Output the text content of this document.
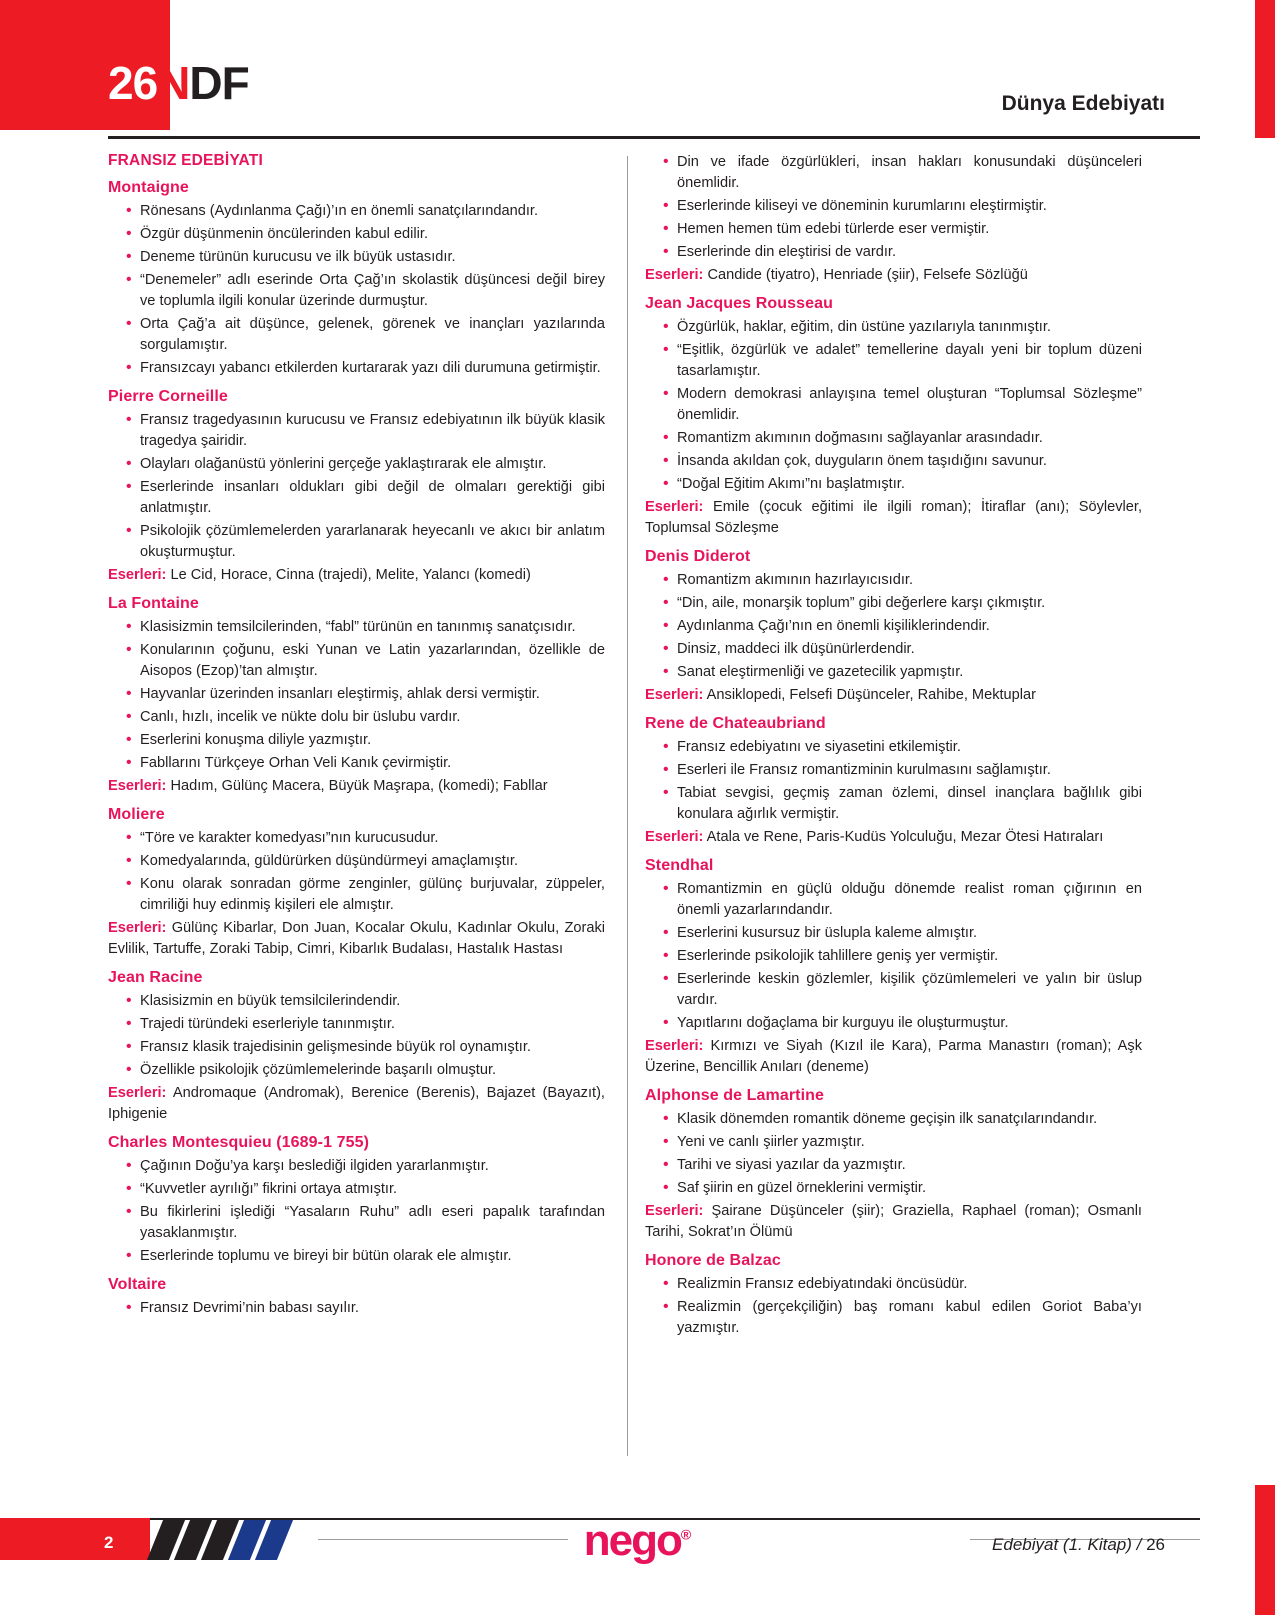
26NDF	Dünya Edebiyatı
FRANSIZ EDEBİYATI
Montaigne
• Rönesans (Aydınlanma Çağı)’ın en önemli sanatçılarındandır.
• Özgür düşünmenin öncülerinden kabul edilir.
• Deneme türünün kurucusu ve ilk büyük ustasıdır.
• “Denemeler” adlı eserinde Orta Çağ’ın skolastik düşüncesi değil birey ve toplumla ilgili konular üzerinde durmuştur.
• Orta Çağ’a ait düşünce, gelenek, görenek ve inançları yazılarında sorgulamıştır.
• Fransızcayı yabancı etkilerden kurtararak yazı dili durumuna getirmiştir.
Pierre Corneille
• Fransız tragedyasının kurucusu ve Fransız edebiyatının ilk büyük klasik tragedya şairidir.
• Olayları olağanüstü yönlerini gerçeğe yaklaştırarak ele almıştır.
• Eserlerinde insanları oldukları gibi değil de olmaları gerektiği gibi anlatmıştır.
• Psikolojik çözümlemelerden yararlanarak heyecanlı ve akıcı bir anlatım okuşturmuştur.

Eserleri: Le Cid, Horace, Cinna (trajedi), Melite, Yalancı (komedi)

La Fontaine
• Klasisizmin temsilcilerinden, “fabl” türünün en tanınmış sanatçısıdır.
• Konularının çoğunu, eski Yunan ve Latin yazarlarından, özellikle de Aisopos (Ezop)’tan almıştır.
• Hayvanlar üzerinden insanları eleştirmiş, ahlak dersi vermiştir.
• Canlı, hızlı, incelik ve nükte dolu bir üslubu vardır.
• Eserlerini konuşma diliyle yazmıştır.
• Fabllarını Türkçeye Orhan Veli Kanık çevirmiştir.

Eserleri: Hadım, Gülünç Macera, Büyük Maşrapa, (komedi); Fabllar

Moliere
• “Töre ve karakter komedyası”nın kurucusudur.
• Komedyalarında, güldürürken düşündürmeyi amaçlamıştır.
• Konu olarak sonradan görme zenginler, gülünç burjuvalar, züppeler, cimriliği huy edinmiş kişileri ele almıştır.

Eserleri: Gülünç Kibarlar, Don Juan, Kocalar Okulu, Kadınlar Okulu, Zoraki Evlilik, Tartuffe, Zoraki Tabip, Cimri, Kibarlık Budalası, Hastalık Hastası

Jean Racine
• Klasisizmin en büyük temsilcilerindendir.
• Trajedi türündeki eserleriyle tanınmıştır.
• Fransız klasik trajedisinin gelişmesinde büyük rol oynamıştır.
• Özellikle psikolojik çözümlemelerinde başarılı olmuştur.

Eserleri: Andromaque (Andromak), Berenice (Berenis), Bajazet (Bayazıt), Iphigenie

Charles Montesquieu (1689-1 755)
• Çağının Doğu’ya karşı beslediği ilgiden yararlanmıştır.
• “Kuvvetler ayrılığı” fikrini ortaya atmıştır.
• Bu fikirlerini işlediği “Yasaların Ruhu” adlı eseri papalık tarafından yasaklanmıştır.
• Eserlerinde toplumu ve bireyi bir bütün olarak ele almıştır.
Voltaire
• Fransız Devrimi’nin babası sayılır.
• Din ve ifade özgürlükleri, insan hakları konusundaki düşünceleri önemlidir.
• Eserlerinde kiliseyi ve döneminin kurumlarını eleştirmiştir.
• Hemen hemen tüm edebi türlerde eser vermiştir.
• Eserlerinde din eleştirisi de vardır.

Eserleri: Candide (tiyatro), Henriade (şiir), Felsefe Sözlüğü

Jean Jacques Rousseau
• Özgürlük, haklar, eğitim, din üstüne yazılarıyla tanınmıştır.
• “Eşitlik, özgürlük ve adalet” temellerine dayalı yeni bir toplum düzeni tasarlamıştır.
• Modern demokrasi anlayışına temel oluşturan “Toplumsal Sözleşme” önemlidir.
• Romantizm akımının doğmasını sağlayanlar arasındadır.
• İnsanda akıldan çok, duyguların önem taşıdığını savunur.
• “Doğal Eğitim Akımı”nı başlatmıştır.

Eserleri: Emile (çocuk eğitimi ile ilgili roman); İtiraflar (anı); Söylevler, Toplumsal Sözleşme

Denis Diderot
• Romantizm akımının hazırlayıcısıdır.
• “Din, aile, monarşik toplum” gibi değerlere karşı çıkmıştır.
• Aydınlanma Çağı’nın en önemli kişiliklerindendir.
• Dinsiz, maddeci ilk düşünürlerdendir.
• Sanat eleştirmenliği ve gazetecilik yapmıştır.

Eserleri: Ansiklopedi, Felsefi Düşünceler, Rahibe, Mektuplar

Rene de Chateaubriand
• Fransız edebiyatını ve siyasetini etkilemiştir.
• Eserleri ile Fransız romantizminin kurulmasını sağlamıştır.
• Tabiat sevgisi, geçmiş zaman özlemi, dinsel inançlara bağlılık gibi konulara ağırlık vermiştir.

Eserleri: Atala ve Rene, Paris-Kudüs Yolculuğu, Mezar Ötesi Hatıraları

Stendhal
• Romantizmin en güçlü olduğu dönemde realist roman çığırının en önemli yazarlarındandır.
• Eserlerini kusursuz bir üslupla kaleme almıştır.
• Eserlerinde psikolojik tahlillere geniş yer vermiştir.
• Eserlerinde keskin gözlemler, kişilik çözümlemeleri ve yalın bir üslup vardır.
• Yapıtlarını doğaçlama bir kurguyu ile oluşturmuştur.

Eserleri: Kırmızı ve Siyah (Kızıl ile Kara), Parma Manastırı (roman); Aşk Üzerine, Bencillik Anıları (deneme)

Alphonse de Lamartine
• Klasik dönemden romantik döneme geçişin ilk sanatçılarındandır.
• Yeni ve canlı şiirler yazmıştır.
• Tarihi ve siyasi yazılar da yazmıştır.
• Saf şiirin en güzel örneklerini vermiştir.

Eserleri: Şairane Düşünceler (şiir); Graziella, Raphael (roman); Osmanlı Tarihi, Sokrat’ın Ölümü

Honore de Balzac
• Realizmin Fransız edebiyatındaki öncüsüdür.
• Realizmin (gerçekçiliğin) baş romanı kabul edilen Goriot Baba’yı yazmıştır.
2	nego®
Edebiyat (1. Kitap) / 26
